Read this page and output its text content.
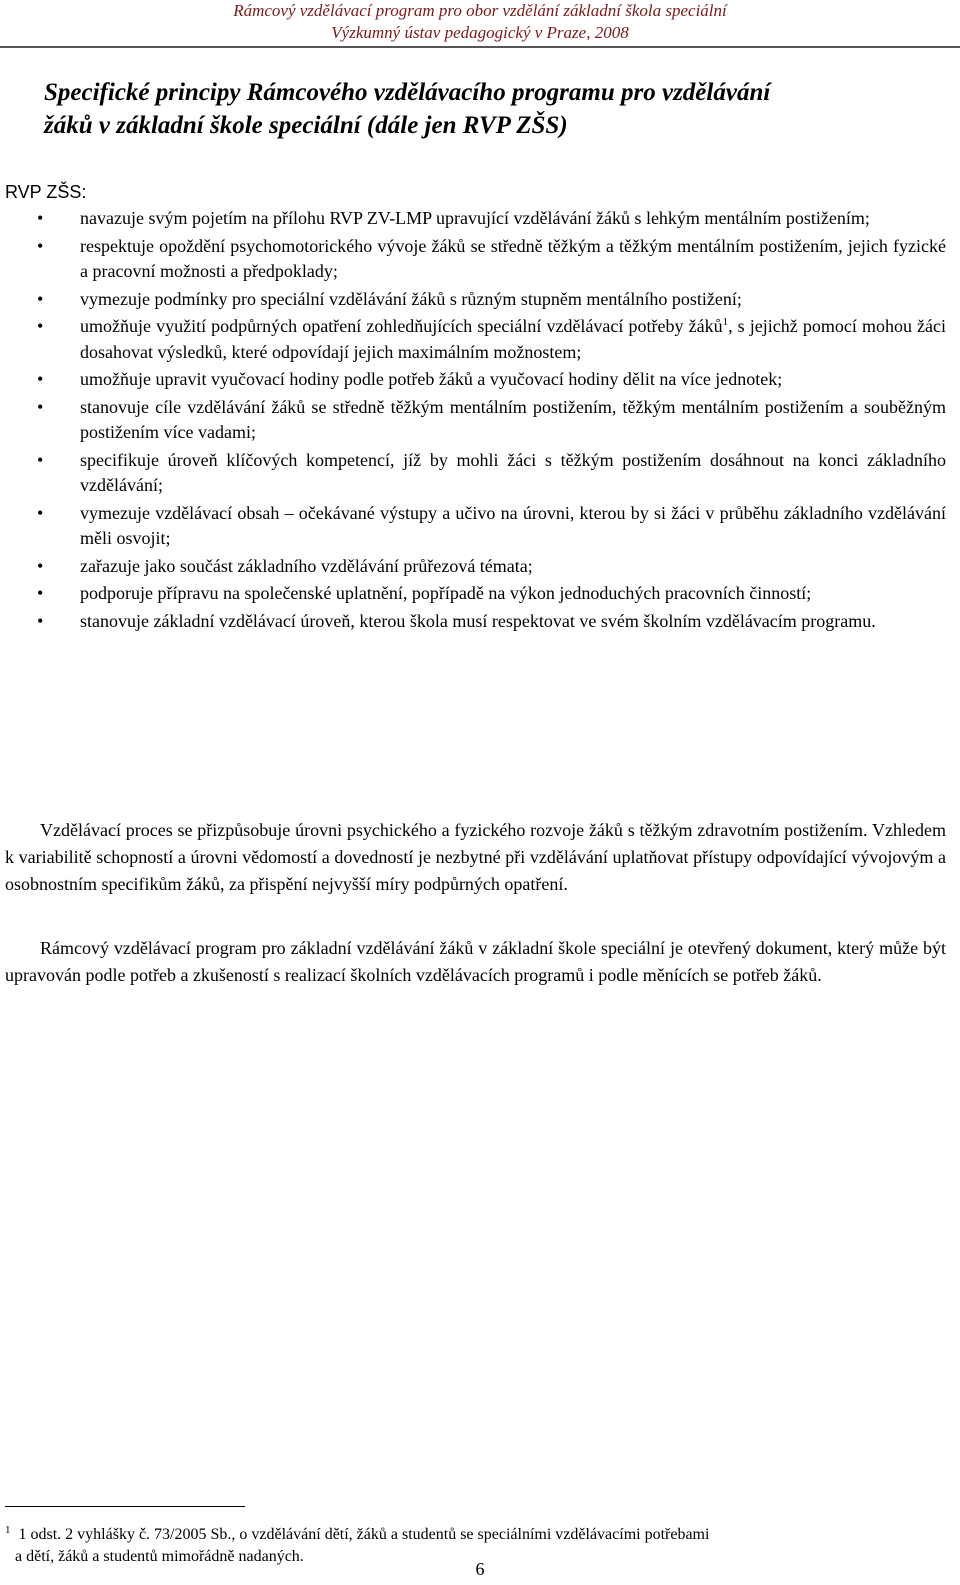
Rámcový vzdělávací program pro obor vzdělání základní škola speciální
Výzkumný ústav pedagogický v Praze, 2008
Specifické principy Rámcového vzdělávacího programu pro vzdělávání
žáků v základní škole speciální (dále jen RVP ZŠS)

RVP ZŠS:

• navazuje svým pojetím na přílohu RVP ZV-LMP upravující vzdělávání žáků s lehkým mentálním postižením;
• respektuje opoždění psychomotorického vývoje žáků se středně těžkým a těžkým mentálním postižením, jejich fyzické a pracovní možnosti a předpoklady;
• vymezuje podmínky pro speciální vzdělávání žáků s různým stupněm mentálního postižení;
• umožňuje využití podpůrných opatření zohledňujících speciální vzdělávací potřeby žáků$^1$, s jejichž pomocí mohou žáci dosahovat výsledků, které odpovídají jejich maximálním možnostem;
• umožňuje upravit vyučovací hodiny podle potřeb žáků a vyučovací hodiny dělit na více jednotek;
• stanovuje cíle vzdělávání žáků se středně těžkým mentálním postižením, těžkým mentálním postižením a souběžným postižením více vadami;
• specifikuje úroveň klíčových kompetencí, jíž by mohli žáci s těžkým postižením dosáhnout na konci základního vzdělávání;
• vymezuje vzdělávací obsah – očekávané výstupy a učivo na úrovni, kterou by si žáci v průběhu základního vzdělávání měli osvojit;
• zařazuje jako součást základního vzdělávání průřezová témata;
• podporuje přípravu na společenské uplatnění, popřípadě na výkon jednoduchých pracovních činností;
• stanovuje základní vzdělávací úroveň, kterou škola musí respektovat ve svém školním vzdělávacím programu.

Vzdělávací proces se přizpůsobuje úrovni psychického a fyzického rozvoje žáků s těžkým zdravotním postižením. Vzhledem k variabilitě schopností a úrovni vědomostí a dovedností je nezbytné při vzdělávání uplatňovat přístupy odpovídající vývojovým a osobnostním specifikům žáků, za přispění nejvyšší míry podpůrných opatření.

Rámcový vzdělávací program pro základní vzdělávání žáků v základní škole speciální je otevřený dokument, který může být upravován podle potřeb a zkušeností s realizací školních vzdělávacích programů i podle měnících se potřeb žáků.

$^1$ 1 odst. 2 vyhlášky č. 73/2005 Sb., o vzdělávání dětí, žáků a studentů se speciálními vzdělávacími potřebami
a dětí, žáků a studentů mimořádně nadaných.

6
